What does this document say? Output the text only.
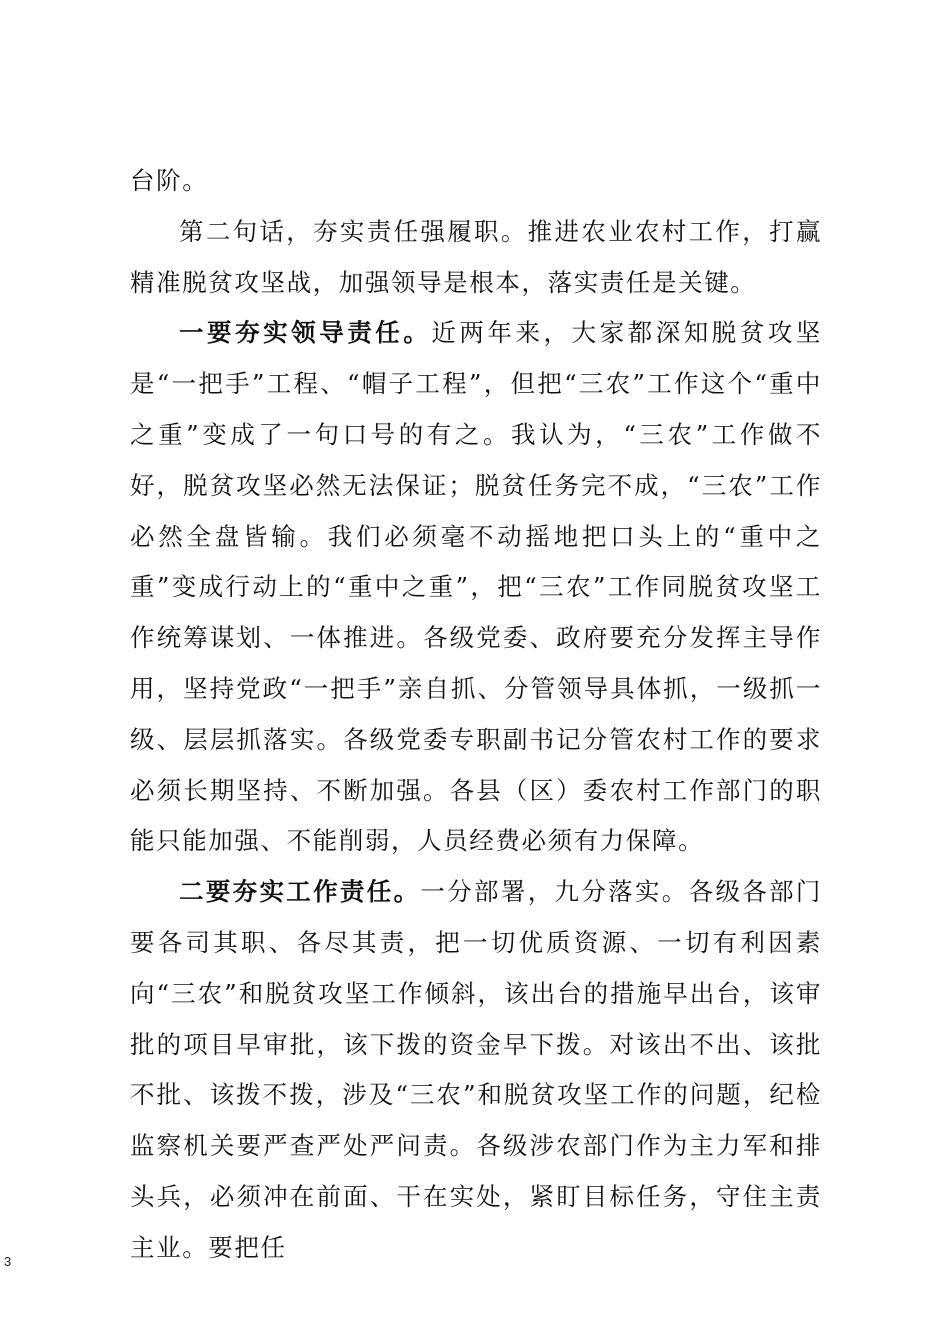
台阶。

第二句话，夯实责任强履职。推进农业农村工作，打赢精准脱贫攻坚战，加强领导是根本，落实责任是关键。

一要夯实领导责任。近两年来，大家都深知脱贫攻坚是“一把手”工程、“帽子工程”，但把“三农”工作这个“重中之重”变成了一句口号的有之。我认为，“三农”工作做不好，脱贫攻坚必然无法保证；脱贫任务完不成，“三农”工作必然全盘皆输。我们必须毫不动摇地把口头上的“重中之重”变成行动上的“重中之重”，把“三农”工作同脱贫攻坚工作统筹谋划、一体推进。各级党委、政府要充分发挥主导作用，坚持党政“一把手”亲自抓、分管领导具体抓，一级抓一级、层层抓落实。各级党委专职副书记分管农村工作的要求必须长期坚持、不断加强。各县（区）委农村工作部门的职能只能加强、不能削弱，人员经费必须有力保障。

二要夯实工作责任。一分部署，九分落实。各级各部门要各司其职、各尽其责，把一切优质资源、一切有利因素向“三农”和脱贫攻坚工作倾斜，该出台的措施早出台，该审批的项目早审批，该下拨的资金早下拨。对该出不出、该批不批、该拨不拨，涉及“三农”和脱贫攻坚工作的问题，纪检监察机关要严查严处严问责。各级涉农部门作为主力军和排头兵，必须冲在前面、干在实处，紧盯目标任务，守住主责主业。要把任

3
